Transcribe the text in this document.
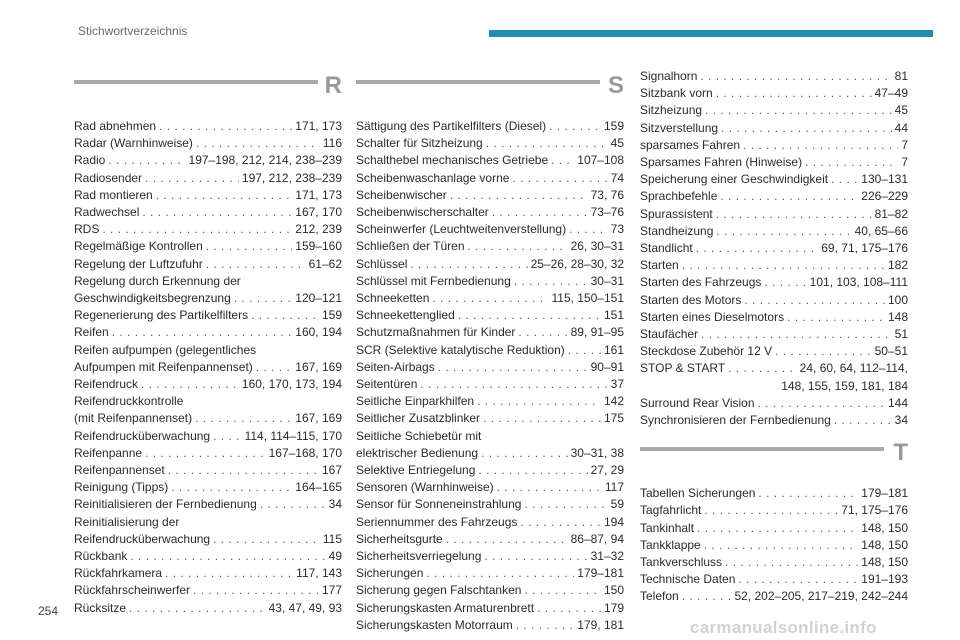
Stichwortverzeichnis
R
Rad abnehmen . . .	171, 173
Radar (Warnhinweise) . . .	116
Radio . . .	197–198, 212, 214, 238–239
Radiosender . . .	197, 212, 238–239
Rad montieren . . .	171, 173
Radwechsel . . .	167, 170
RDS . . .	212, 239
Regelmäßige Kontrollen . . .	159–160
Regelung der Luftzufuhr . . .	61–62
Regelung durch Erkennung der
Geschwindigkeitsbegrenzung . . .	120–121
Regenerierung des Partikelfilters . . .	159
Reifen . . .	160, 194
Reifen aufpumpen (gelegentliches
Aufpumpen mit Reifenpannenset) . . .	167, 169
Reifendruck . . .	160, 170, 173, 194
Reifendruckkontrolle
(mit Reifenpannenset) . . .	167, 169
Reifendrucküberwachung . . .	114, 114–115, 170
Reifenpanne . . .	167–168, 170
Reifenpannenset . . .	167
Reinigung (Tipps) . . .	164–165
Reinitialisieren der Fernbedienung . . .	34
Reinitialisierung der
Reifendrucküberwachung . . .	115
Rückbank . . .	49
Rückfahrkamera . . .	117, 143
Rückfahrscheinwerfer . . .	177
Rücksitze . . .	43, 47, 49, 93
S
Sättigung des Partikelfilters (Diesel) . . .	159
Schalter für Sitzheizung . . .	45
Schalthebel mechanisches Getriebe . . . 107–108
Scheibenwaschanlage vorne . . .	74
Scheibenwischer . . .	73, 76
Scheibenwischerschalter . . .	73–76
Scheinwerfer (Leuchtweitenverstellung) . . .	73
Schließen der Türen . . .	26, 30–31
Schlüssel . . .	25–26, 28–30, 32
Schlüssel mit Fernbedienung . . .	30–31
Schneeketten . . .	115, 150–151
Schneekettenglied . . .	151
Schutzmaßnahmen für Kinder . . .	89, 91–95
SCR (Selektive katalytische Reduktion) . . .	161
Seiten-Airbags . . .	90–91
Seitentüren . . .	37
Seitliche Einparkhilfen . . .	142
Seitlicher Zusatzblinker . . .	175
Seitliche Schiebetür mit
elektrischer Bedienung . . .	30–31, 38
Selektive Entriegelung . . .	27, 29
Sensoren (Warnhinweise) . . .	117
Sensor für Sonneneinstrahlung . . .	59
Seriennummer des Fahrzeugs . . .	194
Sicherheitsgurte . . .	86–87, 94
Sicherheitsverriegelung . . .	31–32
Sicherungen . . .	179–181
Sicherung gegen Falschtanken . . .	150
Sicherungskasten Armaturenbrett . . .	179
Sicherungskasten Motorraum . . .	179, 181
Signalhorn . . .	81
Sitzbank vorn . . .	47–49
Sitzheizung . . .	45
Sitzverstellung . . .	44
sparsames Fahren . . .	7
Sparsames Fahren (Hinweise) . . .	7
Speicherung einer Geschwindigkeit . . .	130–131
Sprachbefehle . . .	226–229
Spurassistent . . .	81–82
Standheizung . . .	40, 65–66
Standlicht . . .	69, 71, 175–176
Starten . . .	182
Starten des Fahrzeugs . . .	101, 103, 108–111
Starten des Motors . . .	100
Starten eines Dieselmotors . . .	148
Staufächer . . .	51
Steckdose Zubehör 12 V . . .	50–51
STOP & START . . .	24, 60, 64, 112–114,
148, 155, 159, 181, 184
Surround Rear Vision . . .	144
Synchronisieren der Fernbedienung . . .	34
T
Tabellen Sicherungen . . .	179–181
Tagfahrlicht . . .	71, 175–176
Tankinhalt . . .	148, 150
Tankklappe . . .	148, 150
Tankverschluss . . .	148, 150
Technische Daten . . .	191–193
Telefon . . .	52, 202–205, 217–219, 242–244
254
carmanualsonline.info
